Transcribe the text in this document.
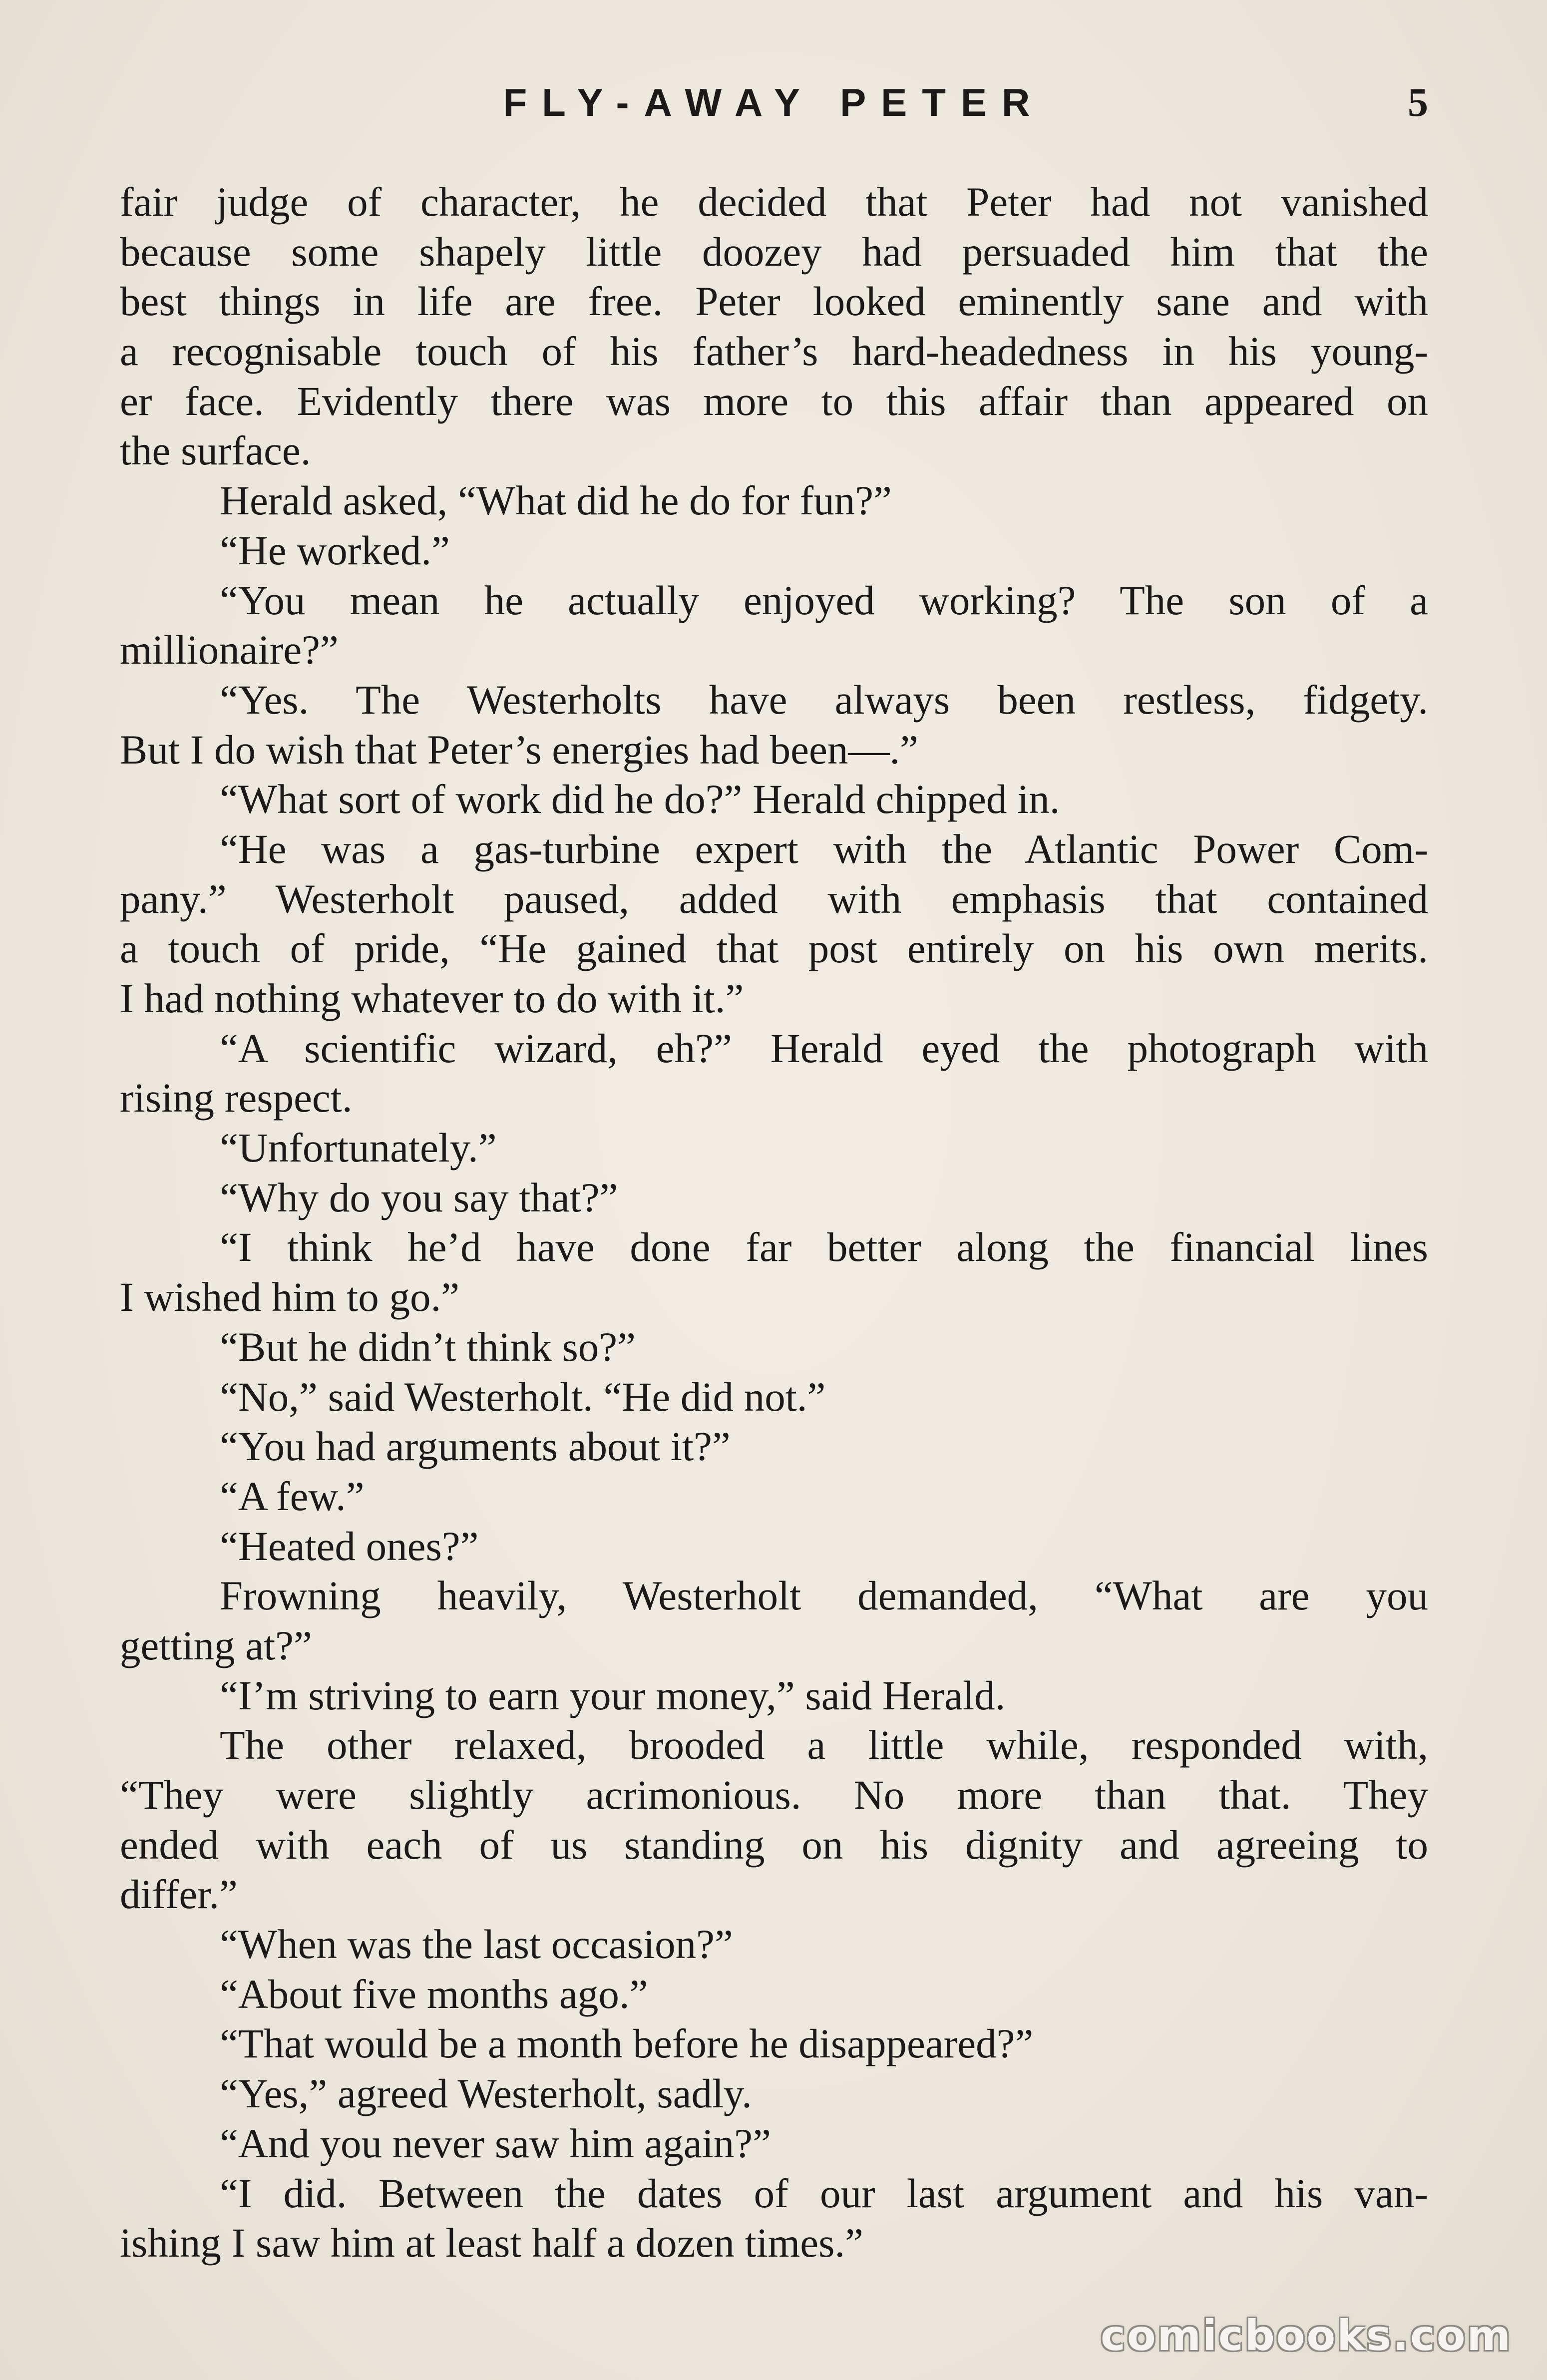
FLY-AWAY PETER	5
fair judge of character, he decided that Peter had not vanished
because some shapely little doozey had persuaded him that the
best things in life are free. Peter looked eminently sane and with
a recognisable touch of his father’s hard-headedness in his young-
er face. Evidently there was more to this affair than appeared on
the surface.
Herald asked, “What did he do for fun?”
“He worked.”
“You mean he actually enjoyed working? The son of a
millionaire?”
“Yes. The Westerholts have always been restless, fidgety.
But I do wish that Peter’s energies had been—.”
“What sort of work did he do?” Herald chipped in.
“He was a gas-turbine expert with the Atlantic Power Com-
pany.” Westerholt paused, added with emphasis that contained
a touch of pride, “He gained that post entirely on his own merits.
I had nothing whatever to do with it.”
“A scientific wizard, eh?” Herald eyed the photograph with
rising respect.
“Unfortunately.”
“Why do you say that?”
“I think he’d have done far better along the financial lines
I wished him to go.”
“But he didn’t think so?”
“No,” said Westerholt. “He did not.”
“You had arguments about it?”
“A few.”
“Heated ones?”
Frowning heavily, Westerholt demanded, “What are you
getting at?”
“I’m striving to earn your money,” said Herald.
The other relaxed, brooded a little while, responded with,
“They were slightly acrimonious. No more than that. They
ended with each of us standing on his dignity and agreeing to
differ.”
“When was the last occasion?”
“About five months ago.”
“That would be a month before he disappeared?”
“Yes,” agreed Westerholt, sadly.
“And you never saw him again?”
“I did. Between the dates of our last argument and his van-
ishing I saw him at least half a dozen times.”
comicbooks.com
